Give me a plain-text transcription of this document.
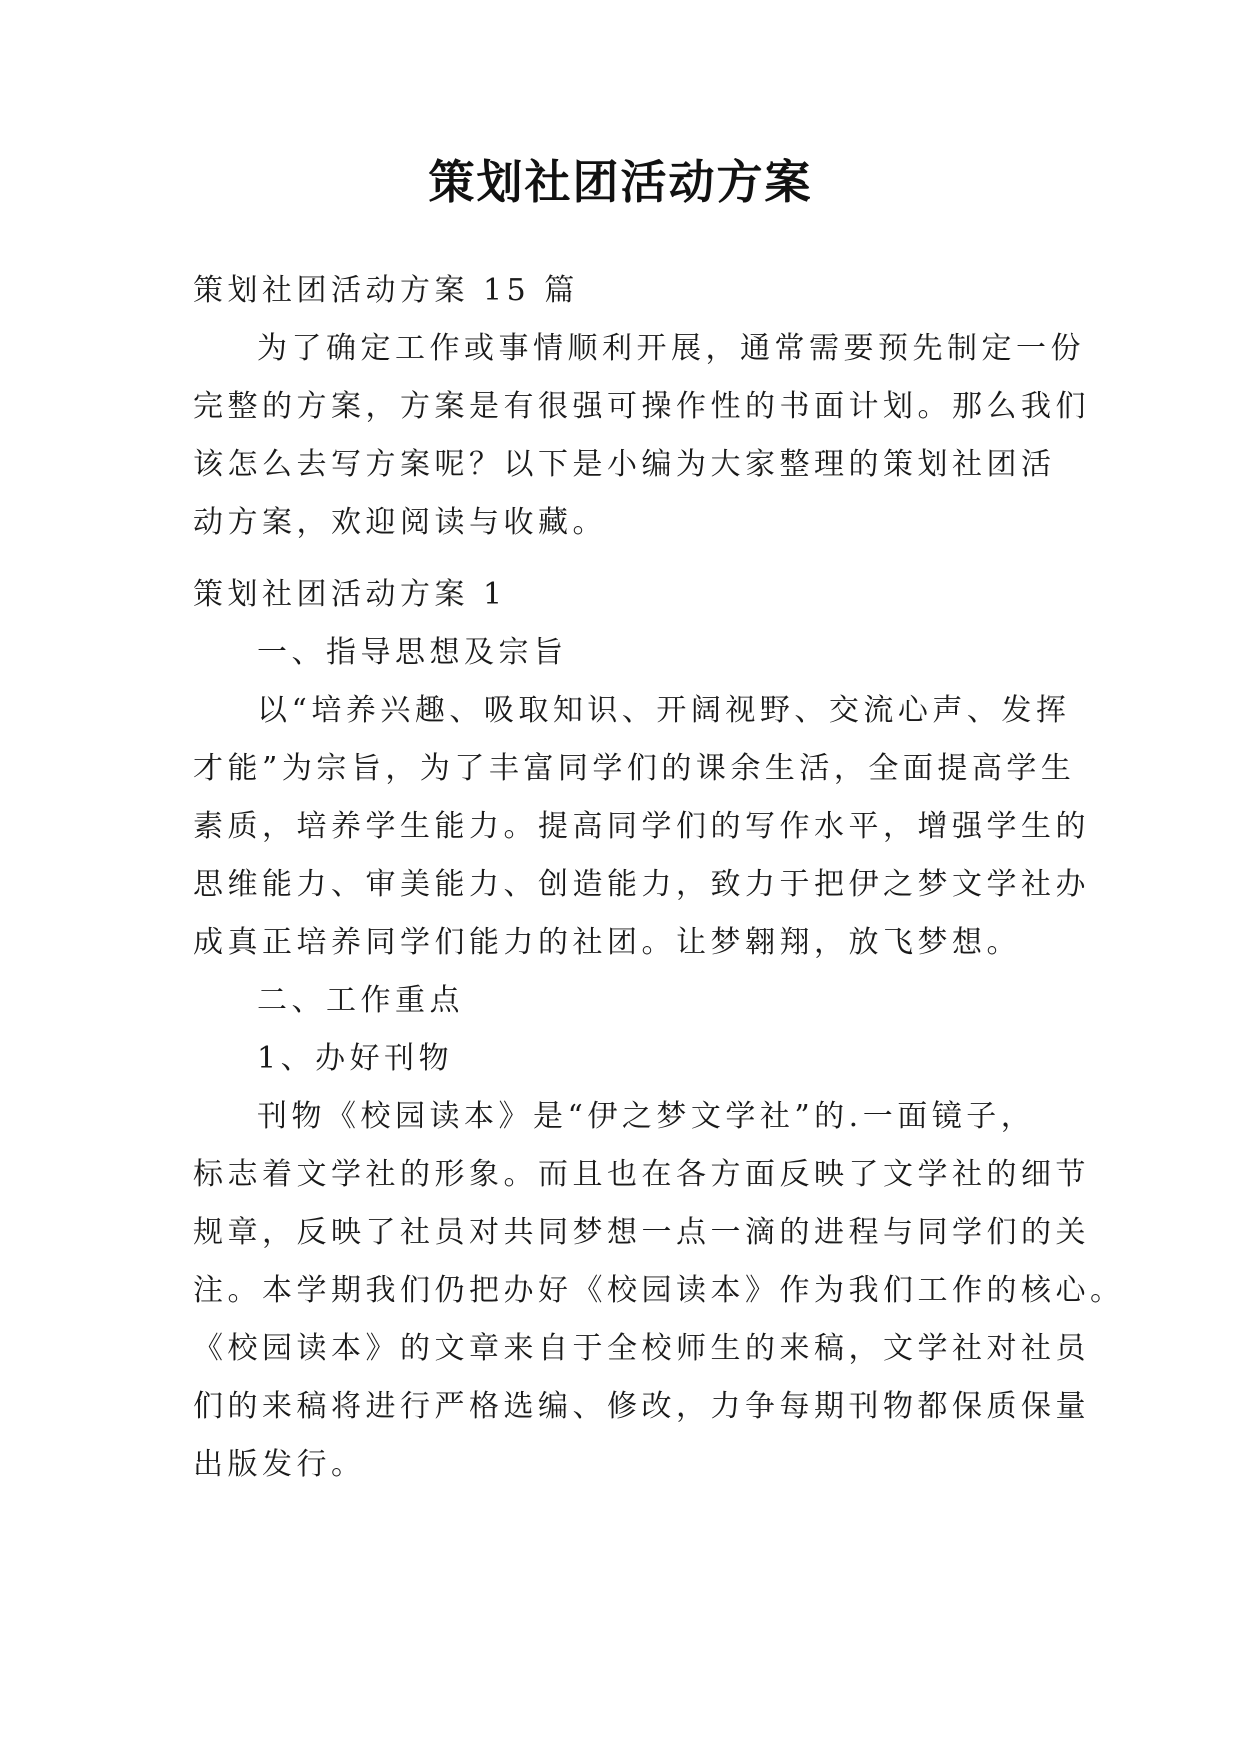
策划社团活动方案
策划社团活动方案 15 篇
为了确定工作或事情顺利开展，通常需要预先制定一份
完整的方案，方案是有很强可操作性的书面计划。那么我们
该怎么去写方案呢？以下是小编为大家整理的策划社团活
动方案，欢迎阅读与收藏。
策划社团活动方案 1
一、指导思想及宗旨
以“培养兴趣、吸取知识、开阔视野、交流心声、发挥
才能”为宗旨，为了丰富同学们的课余生活，全面提高学生
素质，培养学生能力。提高同学们的写作水平，增强学生的
思维能力、审美能力、创造能力，致力于把伊之梦文学社办
成真正培养同学们能力的社团。让梦翱翔，放飞梦想。
二、工作重点
1、办好刊物
刊物《校园读本》是“伊之梦文学社”的.一面镜子，
标志着文学社的形象。而且也在各方面反映了文学社的细节
规章，反映了社员对共同梦想一点一滴的进程与同学们的关
注。本学期我们仍把办好《校园读本》作为我们工作的核心。
《校园读本》的文章来自于全校师生的来稿，文学社对社员
们的来稿将进行严格选编、修改，力争每期刊物都保质保量
出版发行。
